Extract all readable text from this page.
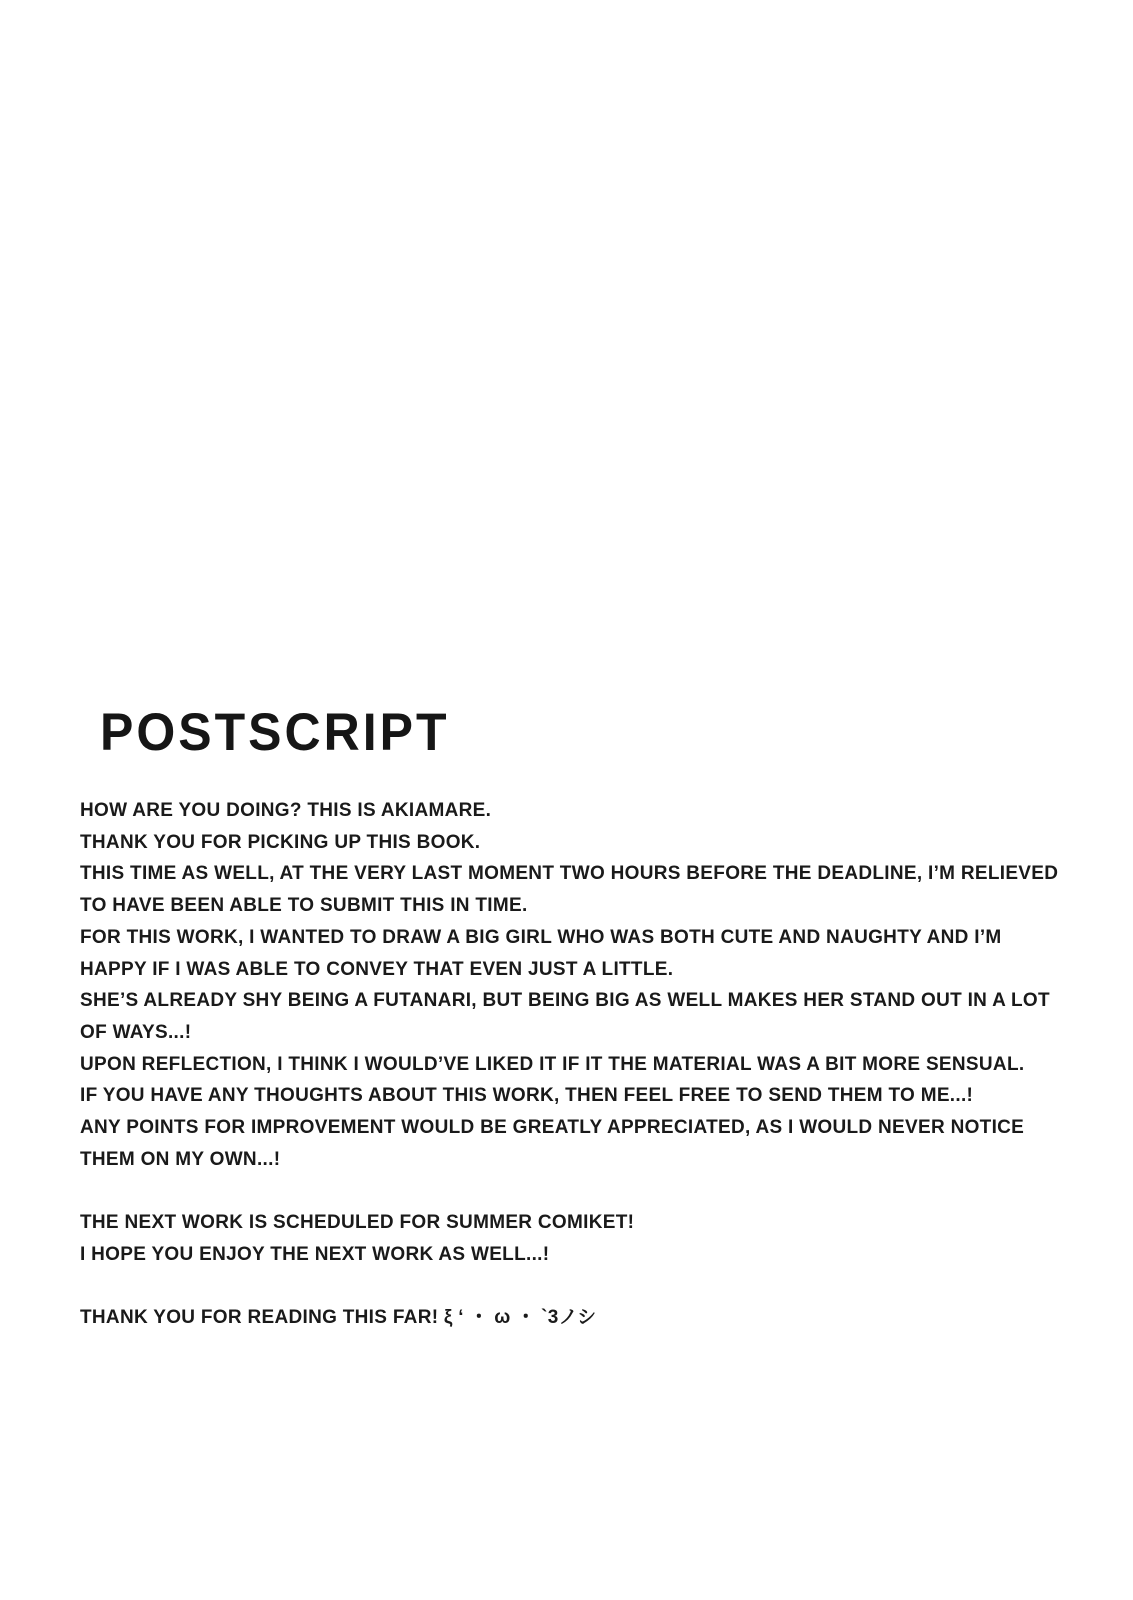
POSTSCRIPT
HOW ARE YOU DOING? THIS IS AKIAMARE.
THANK YOU FOR PICKING UP THIS BOOK.
THIS TIME AS WELL, AT THE VERY LAST MOMENT TWO HOURS BEFORE THE DEADLINE, I’M RELIEVED
TO HAVE BEEN ABLE TO SUBMIT THIS IN TIME.
FOR THIS WORK, I WANTED TO DRAW A BIG GIRL WHO WAS BOTH CUTE AND NAUGHTY AND I’M
HAPPY IF I WAS ABLE TO CONVEY THAT EVEN JUST A LITTLE.
SHE’S ALREADY SHY BEING A FUTANARI, BUT BEING BIG AS WELL MAKES HER STAND OUT IN A LOT
OF WAYS...!
UPON REFLECTION, I THINK I WOULD’VE LIKED IT IF IT THE MATERIAL WAS A BIT MORE SENSUAL.
IF YOU HAVE ANY THOUGHTS ABOUT THIS WORK, THEN FEEL FREE TO SEND THEM TO ME...!
ANY POINTS FOR IMPROVEMENT WOULD BE GREATLY APPRECIATED, AS I WOULD NEVER NOTICE
THEM ON MY OWN...!
THE NEXT WORK IS SCHEDULED FOR SUMMER COMIKET!
I HOPE YOU ENJOY THE NEXT WORK AS WELL...!
THANK YOU FOR READING THIS FAR! ξ ‘ ・ ω ・ `3ノシ
